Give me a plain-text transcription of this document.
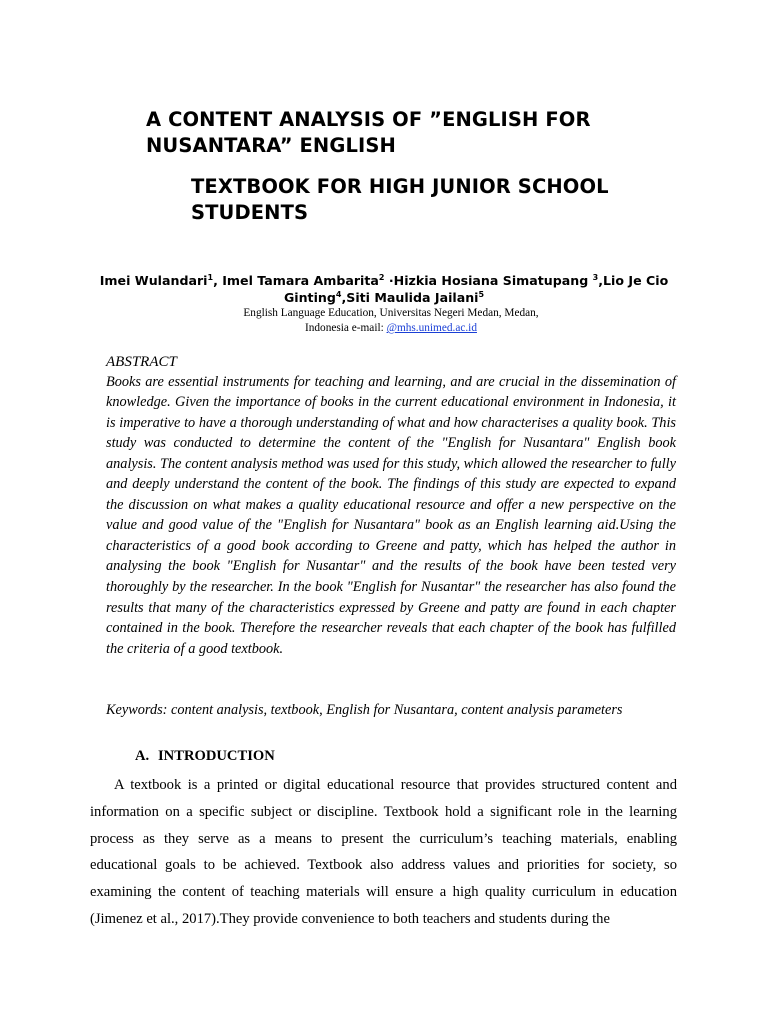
A CONTENT ANALYSIS OF ”ENGLISH FOR NUSANTARA” ENGLISH
TEXTBOOK FOR HIGH JUNIOR SCHOOL STUDENTS

Imei Wulandari$^1$, Imel Tamara Ambarita$^2$ ·Hizkia Hosiana Simatupang $^3$,Lio Je Cio Ginting$^4$,Siti Maulida Jailani$^5$

English Language Education, Universitas Negeri Medan, Medan,
Indonesia e-mail: @mhs.unimed.ac.id

ABSTRACT

Books are essential instruments for teaching and learning, and are crucial in the dissemination of knowledge. Given the importance of books in the current educational environment in Indonesia, it is imperative to have a thorough understanding of what and how characterises a quality book. This study was conducted to determine the content of the "English for Nusantara" English book analysis. The content analysis method was used for this study, which allowed the researcher to fully and deeply understand the content of the book. The findings of this study are expected to expand the discussion on what makes a quality educational resource and offer a new perspective on the value and good value of the "English for Nusantara" book as an English learning aid.Using the characteristics of a good book according to Greene and patty, which has helped the author in analysing the book "English for Nusantar" and the results of the book have been tested very thoroughly by the researcher. In the book "English for Nusantar" the researcher has also found the results that many of the characteristics expressed by Greene and patty are found in each chapter contained in the book. Therefore the researcher reveals that each chapter of the book has fulfilled the criteria of a good textbook.

Keywords: content analysis, textbook, English for Nusantara, content analysis parameters

A. INTRODUCTION

A textbook is a printed or digital educational resource that provides structured content and information on a specific subject or discipline. Textbook hold a significant role in the learning process as they serve as a means to present the curriculum’s teaching materials, enabling educational goals to be achieved. Textbook also address values and priorities for society, so examining the content of teaching materials will ensure a high quality curriculum in education (Jimenez et al., 2017).They provide convenience to both teachers and students during the
